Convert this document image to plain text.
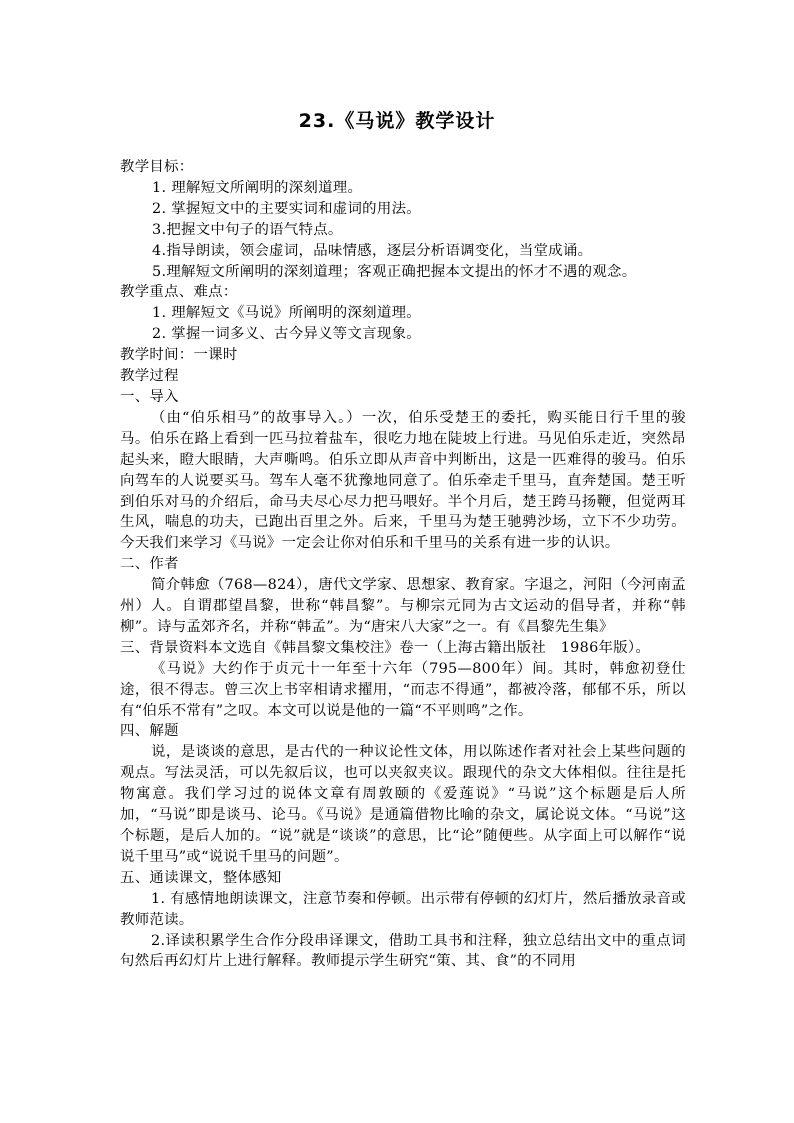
23.《马说》教学设计

教学目标：

1. 理解短文所阐明的深刻道理。

2. 掌握短文中的主要实词和虚词的用法。

3.把握文中句子的语气特点。

4.指导朗读，领会虚词，品味情感，逐层分析语调变化，当堂成诵。

5.理解短文所阐明的深刻道理；客观正确把握本文提出的怀才不遇的观念。

教学重点、难点：

1. 理解短文《马说》所阐明的深刻道理。

2. 掌握一词多义、古今异义等文言现象。

教学时间：一课时

教学过程

一、导入

（由“伯乐相马”的故事导入。）一次，伯乐受楚王的委托，购买能日行千里的骏马。伯乐在路上看到一匹马拉着盐车，很吃力地在陡坡上行进。马见伯乐走近，突然昂起头来，瞪大眼睛，大声嘶鸣。伯乐立即从声音中判断出，这是一匹难得的骏马。伯乐向驾车的人说要买马。驾车人毫不犹豫地同意了。伯乐牵走千里马，直奔楚国。楚王听到伯乐对马的介绍后，命马夫尽心尽力把马喂好。半个月后，楚王跨马扬鞭，但觉两耳生风，喘息的功夫，已跑出百里之外。后来，千里马为楚王驰骋沙场，立下不少功劳。今天我们来学习《马说》一定会让你对伯乐和千里马的关系有进一步的认识。

二、作者

简介韩愈（768—824），唐代文学家、思想家、教育家。字退之，河阳（今河南孟州）人。自谓郡望昌黎，世称“韩昌黎”。与柳宗元同为古文运动的倡导者，并称“韩柳”。诗与孟郊齐名，并称“韩孟”。为“唐宋八大家”之一。有《昌黎先生集》

三、背景资料本文选自《韩昌黎文集校注》卷一（上海古籍出版社　1986年版）。

《马说》大约作于贞元十一年至十六年（795—800年）间。其时，韩愈初登仕途，很不得志。曾三次上书宰相请求擢用，“而志不得通”，都被冷落，郁郁不乐，所以有“伯乐不常有”之叹。本文可以说是他的一篇“不平则鸣”之作。

四、解题

说，是谈谈的意思，是古代的一种议论性文体，用以陈述作者对社会上某些问题的观点。写法灵活，可以先叙后议，也可以夹叙夹议。跟现代的杂文大体相似。往往是托物寓意。我们学习过的说体文章有周敦颐的《爱莲说》“马说”这个标题是后人所加，“马说”即是谈马、论马。《马说》是通篇借物比喻的杂文，属论说文体。“马说”这个标题，是后人加的。“说”就是“谈谈”的意思，比“论”随便些。从字面上可以解作“说说千里马”或“说说千里马的问题”。

五、通读课文，整体感知

1. 有感情地朗读课文，注意节奏和停顿。出示带有停顿的幻灯片，然后播放录音或教师范读。

2.译读积累学生合作分段串译课文，借助工具书和注释，独立总结出文中的重点词句然后再幻灯片上进行解释。教师提示学生研究“策、其、食”的不同用
